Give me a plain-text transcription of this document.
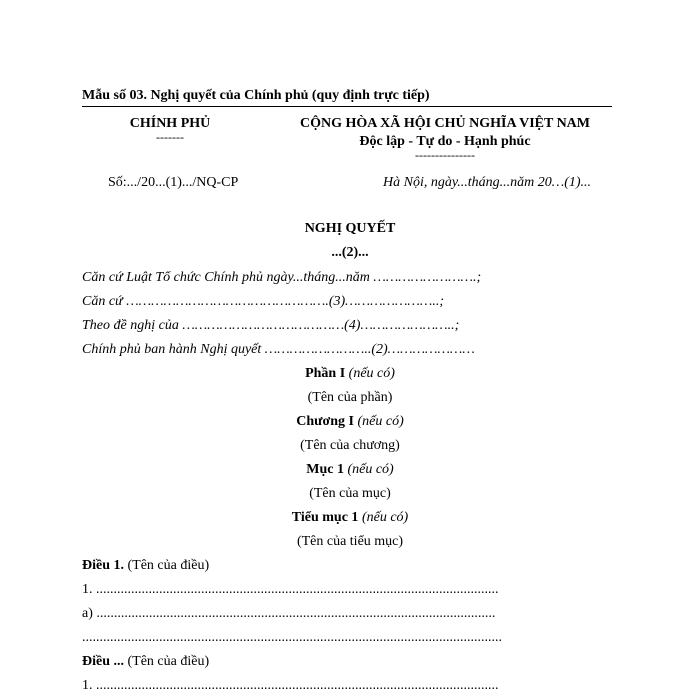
Mẫu số 03. Nghị quyết của Chính phủ (quy định trực tiếp)
CHÍNH PHỦ
-------
CỘNG HÒA XÃ HỘI CHỦ NGHĨA VIỆT NAM
Độc lập - Tự do - Hạnh phúc
---------------
Số:.../20...(1).../NQ-CP	Hà Nội, ngày...tháng...năm 20…(1)...
NGHỊ QUYẾT
...(2)...
Căn cứ Luật Tổ chức Chính phủ ngày...tháng...năm …………………….;
Căn cứ ………………………………………….(3)…………………..;
Theo đề nghị của …………………………………(4)…………………..;
Chính phủ ban hành Nghị quyết ……………………..(2)…………………
Phần I (nếu có)
(Tên của phần)
Chương I (nếu có)
(Tên của chương)
Mục 1 (nếu có)
(Tên của mục)
Tiểu mục 1 (nếu có)
(Tên của tiểu mục)
Điều 1. (Tên của điều)
1. ...................................................................................................................
a) ..................................................................................................................
........................................................................................................................
Điều ... (Tên của điều)
1. ...................................................................................................................
